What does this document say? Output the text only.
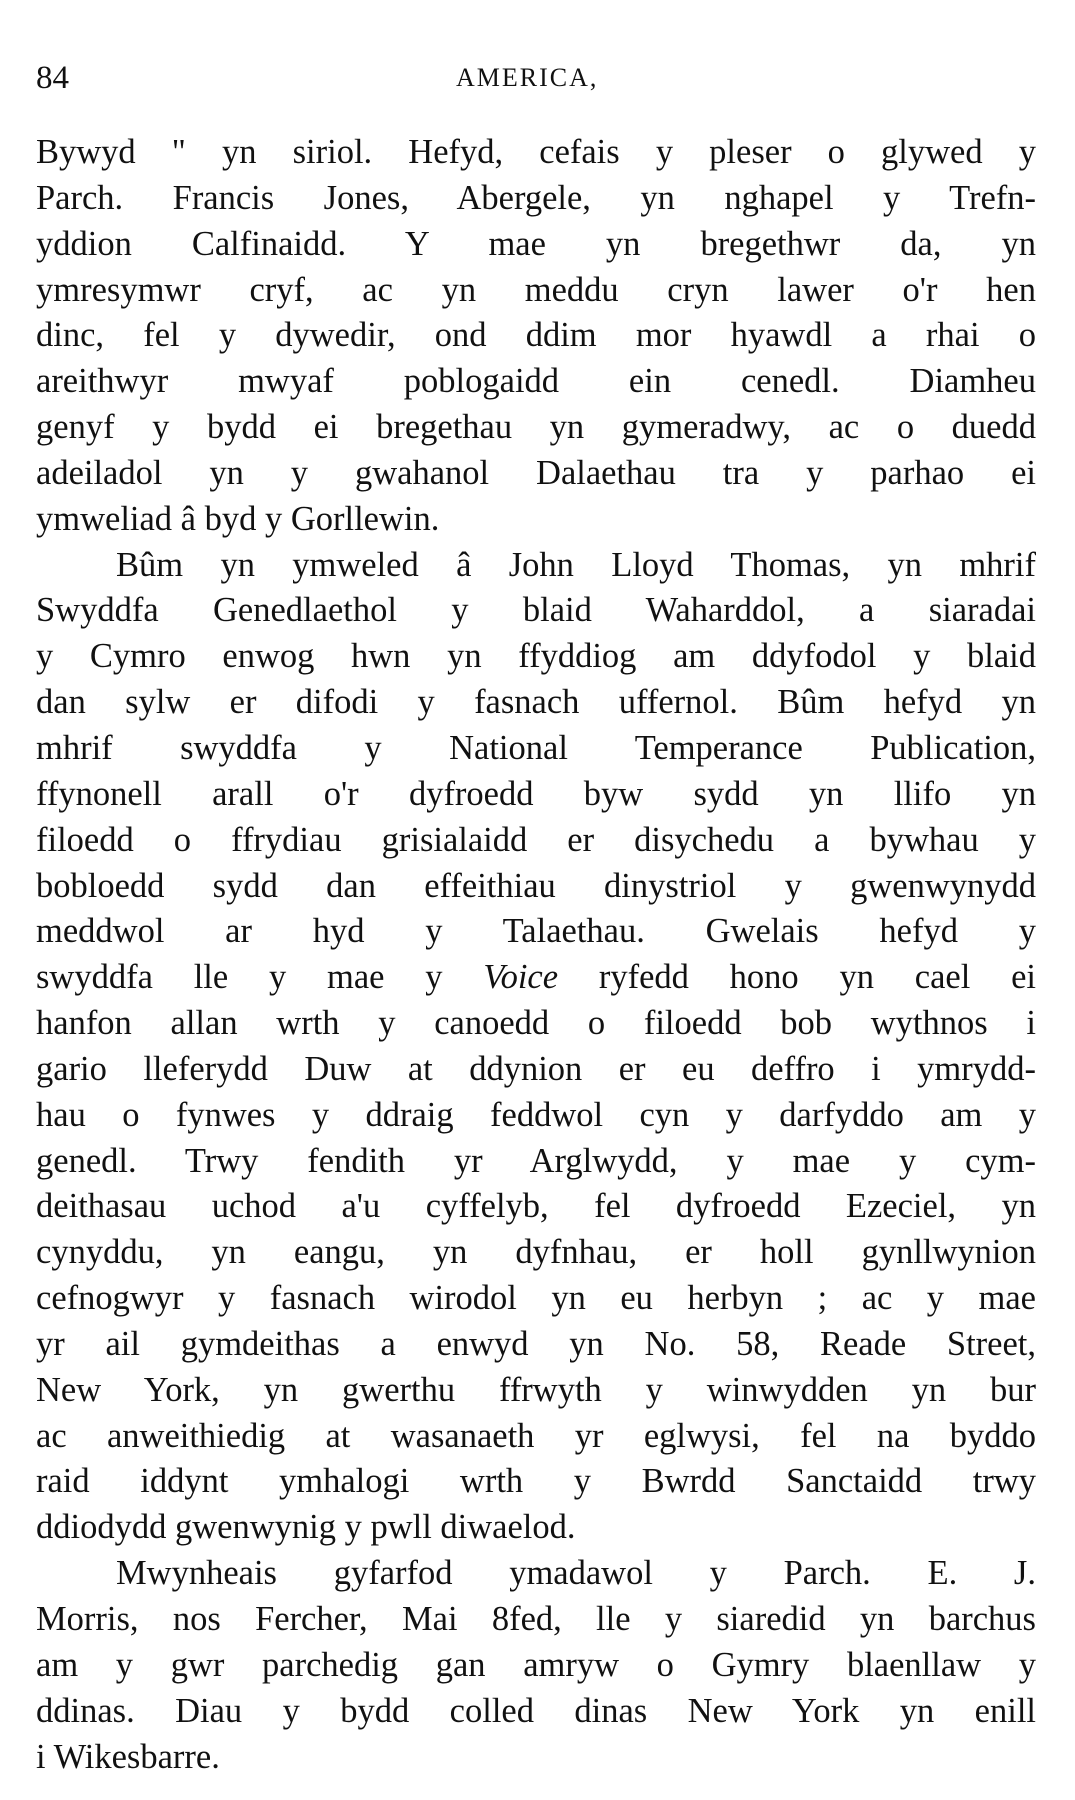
84	AMERICA,
Bywyd " yn siriol. Hefyd, cefais y pleser o glywed y
Parch. Francis Jones, Abergele, yn nghapel y Trefn-
yddion Calfinaidd. Y mae yn bregethwr da, yn
ymresymwr cryf, ac yn meddu cryn lawer o'r hen
dinc, fel y dywedir, ond ddim mor hyawdl a rhai o
areithwyr mwyaf poblogaidd ein cenedl. Diamheu
genyf y bydd ei bregethau yn gymeradwy, ac o duedd
adeiladol yn y gwahanol Dalaethau tra y parhao ei
ymweliad â byd y Gorllewin.
Bûm yn ymweled â John Lloyd Thomas, yn mhrif
Swyddfa Genedlaethol y blaid Waharddol, a siaradai
y Cymro enwog hwn yn ffyddiog am ddyfodol y blaid
dan sylw er difodi y fasnach uffernol. Bûm hefyd yn
mhrif swyddfa y National Temperance Publication,
ffynonell arall o'r dyfroedd byw sydd yn llifo yn
filoedd o ffrydiau grisialaidd er disychedu a bywhau y
bobloedd sydd dan effeithiau dinystriol y gwenwynydd
meddwol ar hyd y Talaethau. Gwelais hefyd y
swyddfa lle y mae y Voice ryfedd hono yn cael ei
hanfon allan wrth y canoedd o filoedd bob wythnos i
gario lleferydd Duw at ddynion er eu deffro i ymrydd-
hau o fynwes y ddraig feddwol cyn y darfyddo am y
genedl. Trwy fendith yr Arglwydd, y mae y cym-
deithasau uchod a'u cyffelyb, fel dyfroedd Ezeciel, yn
cynyddu, yn eangu, yn dyfnhau, er holl gynllwynion
cefnogwyr y fasnach wirodol yn eu herbyn ; ac y mae
yr ail gymdeithas a enwyd yn No. 58, Reade Street,
New York, yn gwerthu ffrwyth y winwydden yn bur
ac anweithiedig at wasanaeth yr eglwysi, fel na byddo
raid iddynt ymhalogi wrth y Bwrdd Sanctaidd trwy
ddiodydd gwenwynig y pwll diwaelod.
Mwynheais gyfarfod ymadawol y Parch. E. J.
Morris, nos Fercher, Mai 8fed, lle y siaredid yn barchus
am y gwr parchedig gan amryw o Gymry blaenllaw y
ddinas. Diau y bydd colled dinas New York yn enill
i Wikesbarre.
